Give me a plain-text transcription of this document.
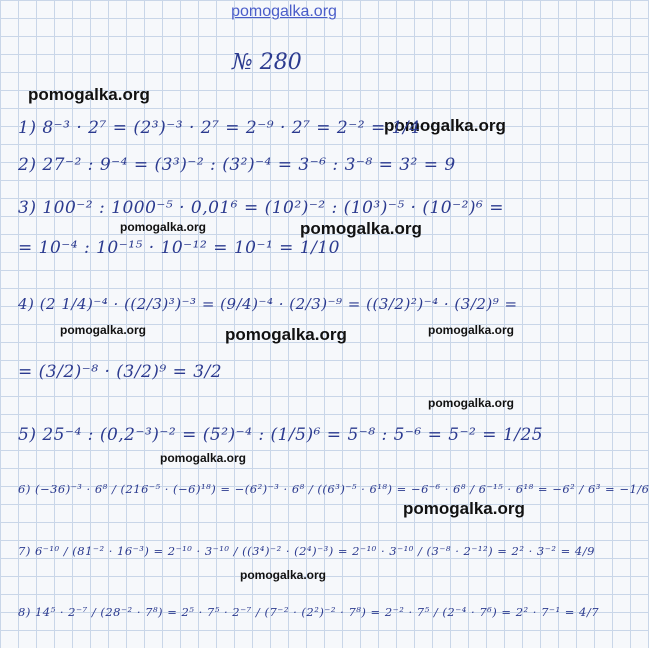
pomogalka.org
№ 280
pomogalka.org
pomogalka.org
pomogalka.org	pomogalka.org
pomogalka.org	pomogalka.org	pomogalka.org
pomogalka.org
pomogalka.org
pomogalka.org
pomogalka.org
1) 8⁻³ · 2⁷ = (2³)⁻³ · 2⁷ = 2⁻⁹ · 2⁷ = 2⁻² = 1/4
2) 27⁻² : 9⁻⁴ = (3³)⁻² : (3²)⁻⁴ = 3⁻⁶ : 3⁻⁸ = 3² = 9
3) 100⁻² : 1000⁻⁵ · 0,01⁶ = (10²)⁻² : (10³)⁻⁵ · (10⁻²)⁶ =
= 10⁻⁴ : 10⁻¹⁵ · 10⁻¹² = 10⁻¹ = 1/10
4) (2 1/4)⁻⁴ · ((2/3)³)⁻³ = (9/4)⁻⁴ · (2/3)⁻⁹ = ((3/2)²)⁻⁴ · (3/2)⁹ =
= (3/2)⁻⁸ · (3/2)⁹ = 3/2
5) 25⁻⁴ : (0,2⁻³)⁻² = (5²)⁻⁴ : (1/5)⁶ = 5⁻⁸ : 5⁻⁶ = 5⁻² = 1/25
6) (−36)⁻³ · 6⁸ / (216⁻⁵ · (−6)¹⁸) = −(6²)⁻³ · 6⁸ / ((6³)⁻⁵ · 6¹⁸) = −6⁻⁶ · 6⁸ / 6⁻¹⁵ · 6¹⁸ = −6² / 6³ = −1/6
7) 6⁻¹⁰ / (81⁻² · 16⁻³) = 2⁻¹⁰ · 3⁻¹⁰ / ((3⁴)⁻² · (2⁴)⁻³) = 2⁻¹⁰ · 3⁻¹⁰ / (3⁻⁸ · 2⁻¹²) = 2² · 3⁻² = 4/9
8) 14⁵ · 2⁻⁷ / (28⁻² · 7⁸) = 2⁵ · 7⁵ · 2⁻⁷ / (7⁻² · (2²)⁻² · 7⁸) = 2⁻² · 7⁵ / (2⁻⁴ · 7⁶) = 2² · 7⁻¹ = 4/7
